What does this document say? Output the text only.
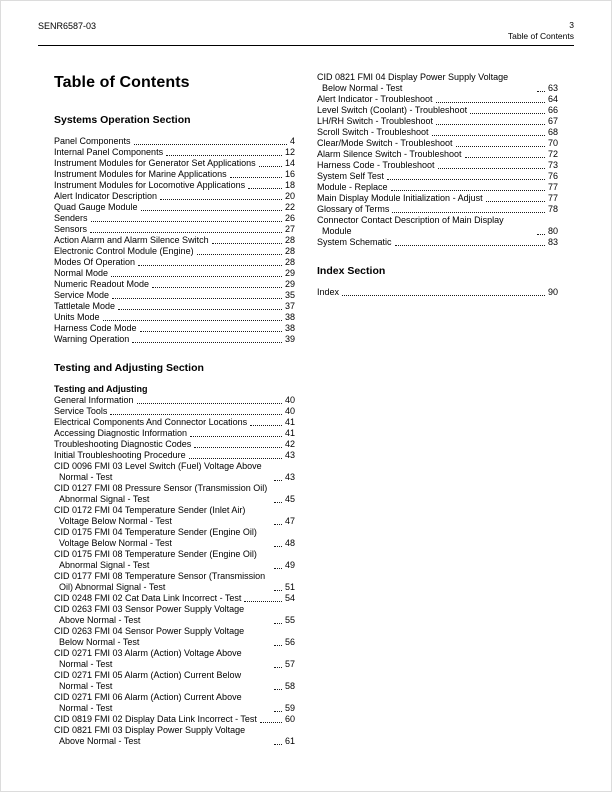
SENR6587-03	3
Table of Contents
Table of Contents
Systems Operation Section
Panel Components	4
Internal Panel Components	12
Instrument Modules for Generator Set Applications	14
Instrument Modules for Marine Applications	16
Instrument Modules for Locomotive Applications	18
Alert Indicator Description	20
Quad Gauge Module	22
Senders	26
Sensors	27
Action Alarm and Alarm Silence Switch	28
Electronic Control Module (Engine)	28
Modes Of Operation	28
Normal Mode	29
Numeric Readout Mode	29
Service Mode	35
Tattletale Mode	37
Units Mode	38
Harness Code Mode	38
Warning Operation	39
Testing and Adjusting Section
Testing and Adjusting
General Information	40
Service Tools	40
Electrical Components And Connector Locations	41
Accessing Diagnostic Information	41
Troubleshooting Diagnostic Codes	42
Initial Troubleshooting Procedure	43
CID 0096 FMI 03 Level Switch (Fuel) Voltage Above Normal - Test	43
CID 0127 FMI 08 Pressure Sensor (Transmission Oil) Abnormal Signal - Test	45
CID 0172 FMI 04 Temperature Sender (Inlet Air) Voltage Below Normal - Test	47
CID 0175 FMI 04 Temperature Sender (Engine Oil) Voltage Below Normal - Test	48
CID 0175 FMI 08 Temperature Sender (Engine Oil) Abnormal Signal - Test	49
CID 0177 FMI 08 Temperature Sensor (Transmission Oil) Abnormal Signal - Test	51
CID 0248 FMI 02 Cat Data Link Incorrect - Test	54
CID 0263 FMI 03 Sensor Power Supply Voltage Above Normal - Test	55
CID 0263 FMI 04 Sensor Power Supply Voltage Below Normal - Test	56
CID 0271 FMI 03 Alarm (Action) Voltage Above Normal - Test	57
CID 0271 FMI 05 Alarm (Action) Current Below Normal - Test	58
CID 0271 FMI 06 Alarm (Action) Current Above Normal - Test	59
CID 0819 FMI 02 Display Data Link Incorrect - Test	60
CID 0821 FMI 03 Display Power Supply Voltage Above Normal - Test	61
CID 0821 FMI 04 Display Power Supply Voltage Below Normal - Test	63
Alert Indicator - Troubleshoot	64
Level Switch (Coolant) - Troubleshoot	66
LH/RH Switch - Troubleshoot	67
Scroll Switch - Troubleshoot	68
Clear/Mode Switch - Troubleshoot	70
Alarm Silence Switch - Troubleshoot	72
Harness Code - Troubleshoot	73
System Self Test	76
Module - Replace	77
Main Display Module Initialization - Adjust	77
Glossary of Terms	78
Connector Contact Description of Main Display Module	80
System Schematic	83
Index Section
Index	90
